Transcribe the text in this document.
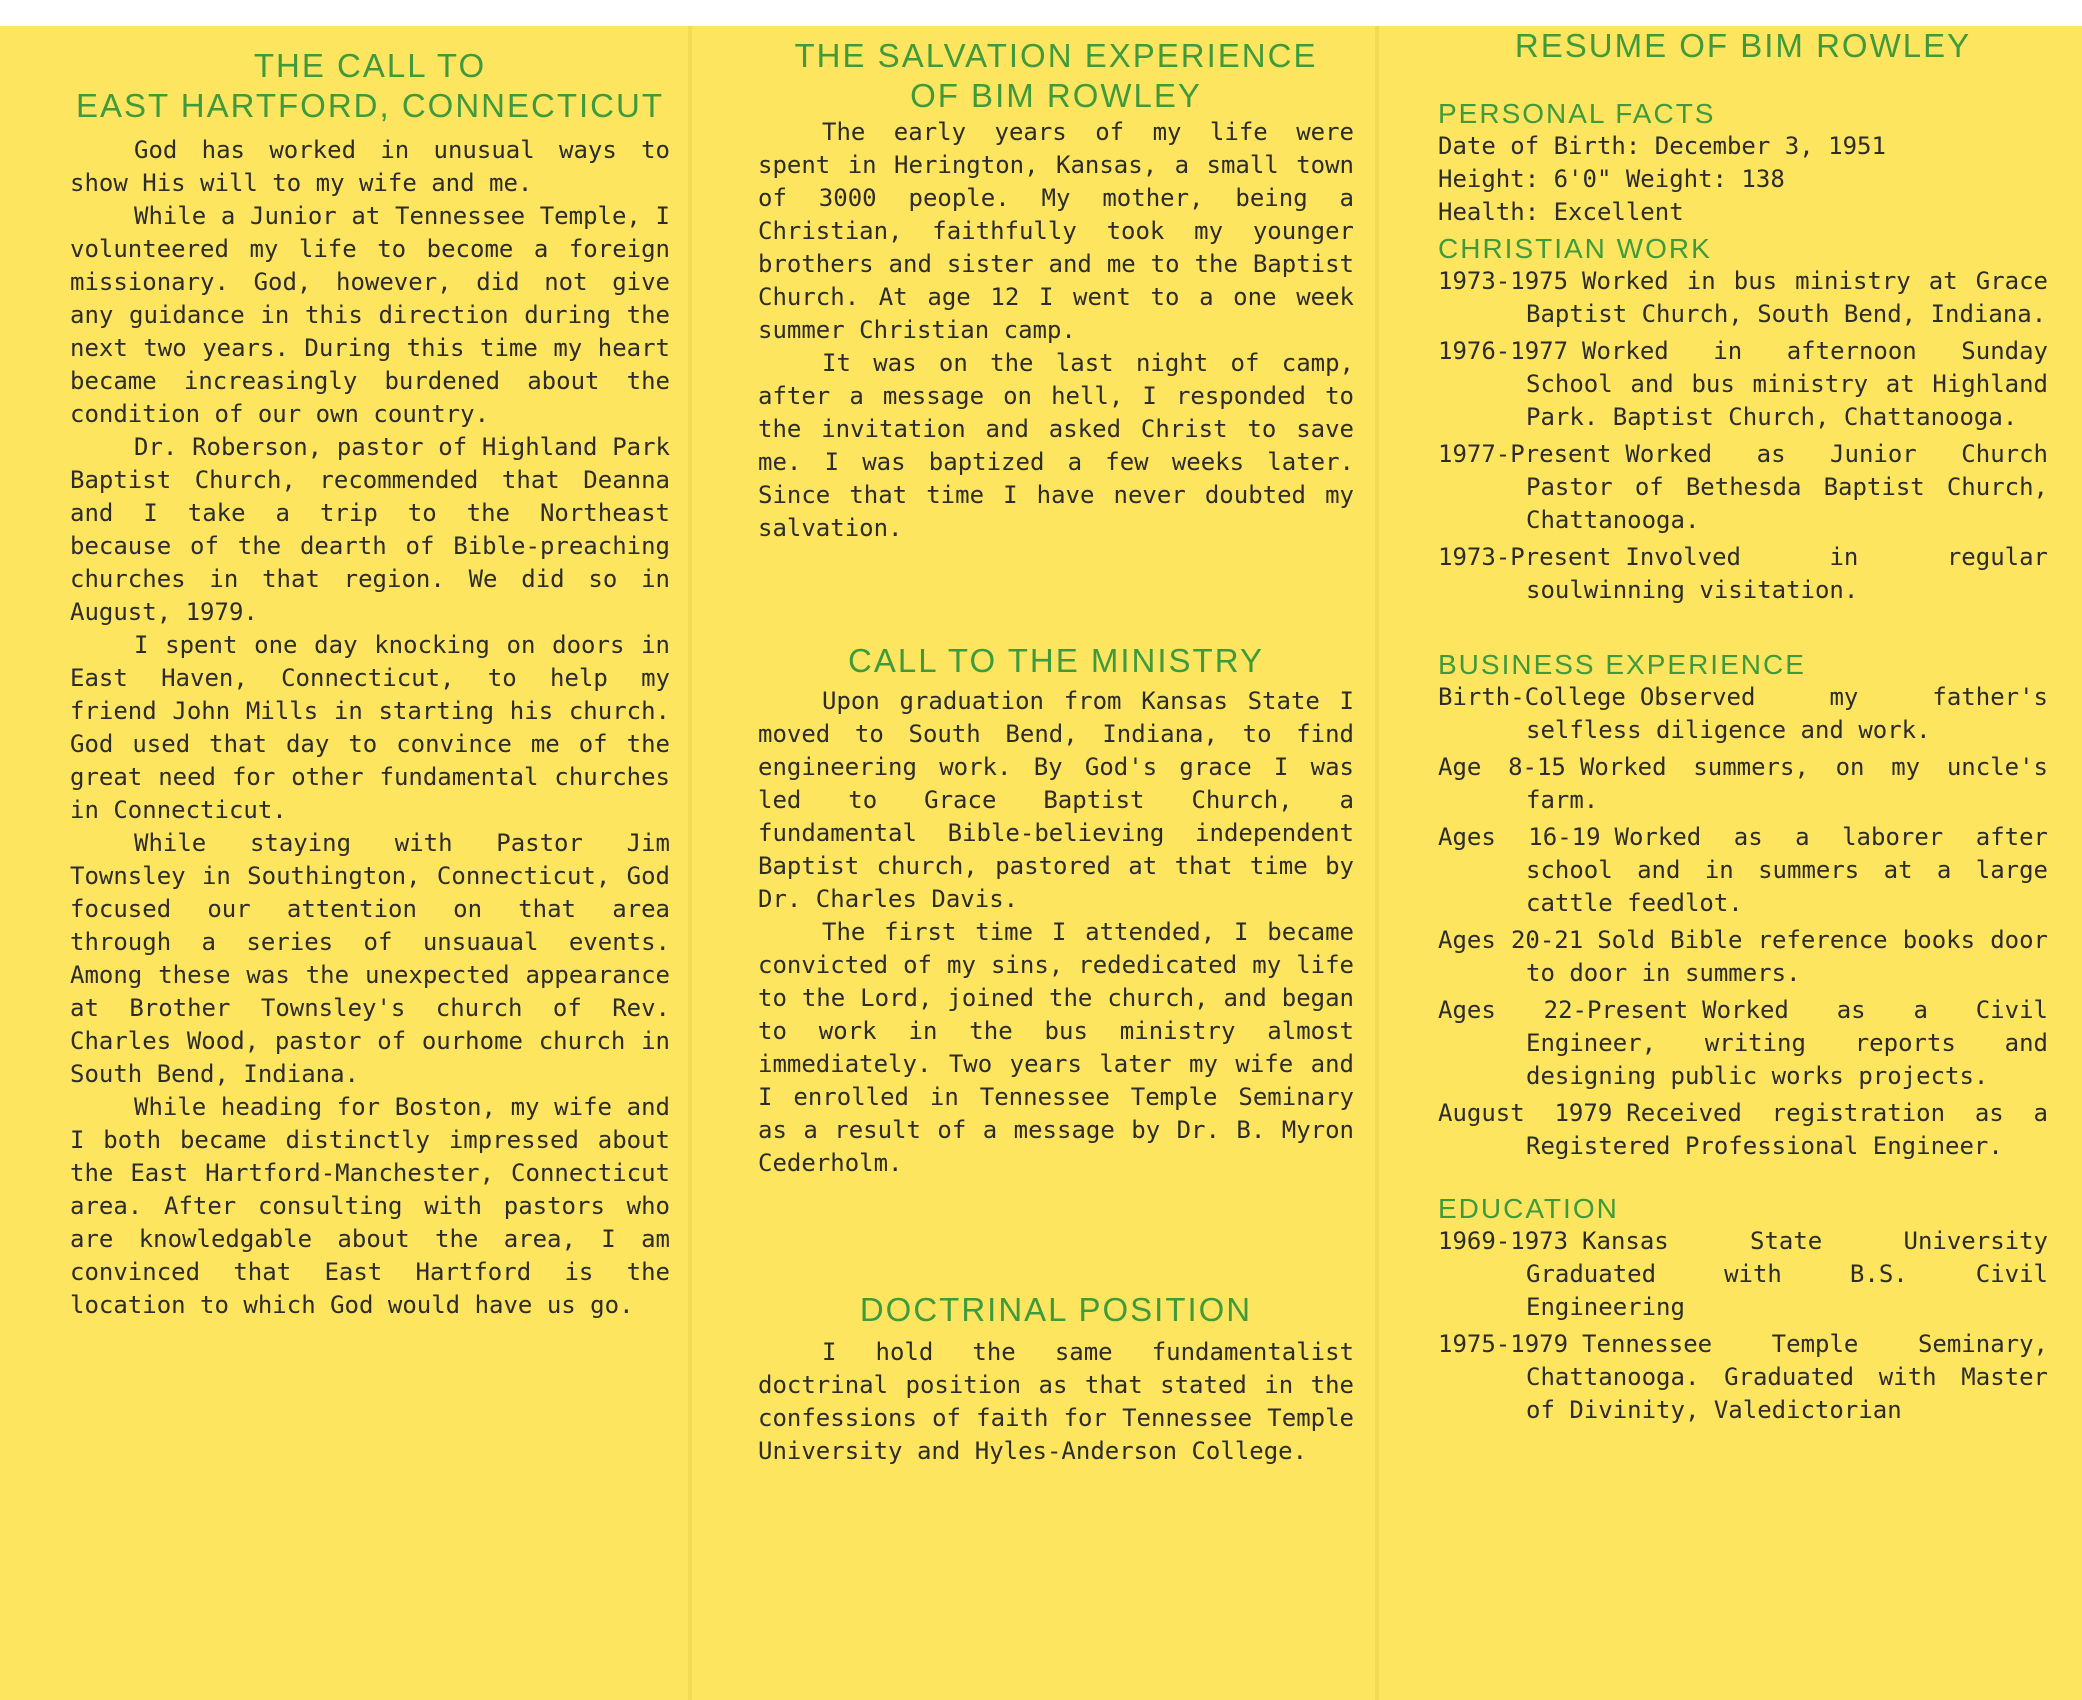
THE CALL TO
EAST HARTFORD, CONNECTICUT

God has worked in unusual ways to show His will to my wife and me.

While a Junior at Tennessee Temple, I volunteered my life to become a foreign missionary. God, however, did not give any guidance in this direction during the next two years. During this time my heart became increasingly burdened about the condition of our own country.

Dr. Roberson, pastor of Highland Park Baptist Church, recommended that Deanna and I take a trip to the Northeast because of the dearth of Bible-preaching churches in that region. We did so in August, 1979.

I spent one day knocking on doors in East Haven, Connecticut, to help my friend John Mills in starting his church. God used that day to convince me of the great need for other fundamental churches in Connecticut.

While staying with Pastor Jim Townsley in Southington, Connecticut, God focused our attention on that area through a series of unsuaual events. Among these was the unexpected appearance at Brother Townsley's church of Rev. Charles Wood, pastor of ourhome church in South Bend, Indiana.

While heading for Boston, my wife and I both became distinctly impressed about the East Hartford-Manchester, Connecticut area. After consulting with pastors who are knowledgable about the area, I am convinced that East Hartford is the location to which God would have us go.

THE SALVATION EXPERIENCE
OF BIM ROWLEY

The early years of my life were spent in Herington, Kansas, a small town of 3000 people. My mother, being a Christian, faithfully took my younger brothers and sister and me to the Baptist Church. At age 12 I went to a one week summer Christian camp.

It was on the last night of camp, after a message on hell, I responded to the invitation and asked Christ to save me. I was baptized a few weeks later. Since that time I have never doubted my salvation.

CALL TO THE MINISTRY

Upon graduation from Kansas State I moved to South Bend, Indiana, to find engineering work. By God's grace I was led to Grace Baptist Church, a fundamental Bible-believing independent Baptist church, pastored at that time by Dr. Charles Davis.

The first time I attended, I became convicted of my sins, rededicated my life to the Lord, joined the church, and began to work in the bus ministry almost immediately. Two years later my wife and I enrolled in Tennessee Temple Seminary as a result of a message by Dr. B. Myron Cederholm.

DOCTRINAL POSITION

I hold the same fundamentalist doctrinal position as that stated in the confessions of faith for Tennessee Temple University and Hyles-Anderson College.

RESUME OF BIM ROWLEY
PERSONAL FACTS

Date of Birth: December 3, 1951

Height: 6'0" Weight: 138

Health: Excellent

CHRISTIAN WORK
1973-1975 Worked in bus ministry at Grace Baptist Church, South Bend, Indiana.
1976-1977 Worked in afternoon Sunday School and bus ministry at Highland Park. Baptist Church, Chattanooga.
1977-Present Worked as Junior Church Pastor of Bethesda Baptist Church, Chattanooga.
1973-Present Involved in regular soulwinning visitation.
BUSINESS EXPERIENCE
Birth-College Observed my father's selfless diligence and work.
Age 8-15 Worked summers, on my uncle's farm.
Ages 16-19 Worked as a laborer after school and in summers at a large cattle feedlot.
Ages 20-21 Sold Bible reference books door to door in summers.
Ages 22-Present Worked as a Civil Engineer, writing reports and designing public works projects.
August 1979 Received registration as a Registered Professional Engineer.
EDUCATION
1969-1973 Kansas State University Graduated with B.S. Civil Engineering
1975-1979 Tennessee Temple Seminary, Chattanooga. Graduated with Master of Divinity, Valedictorian
